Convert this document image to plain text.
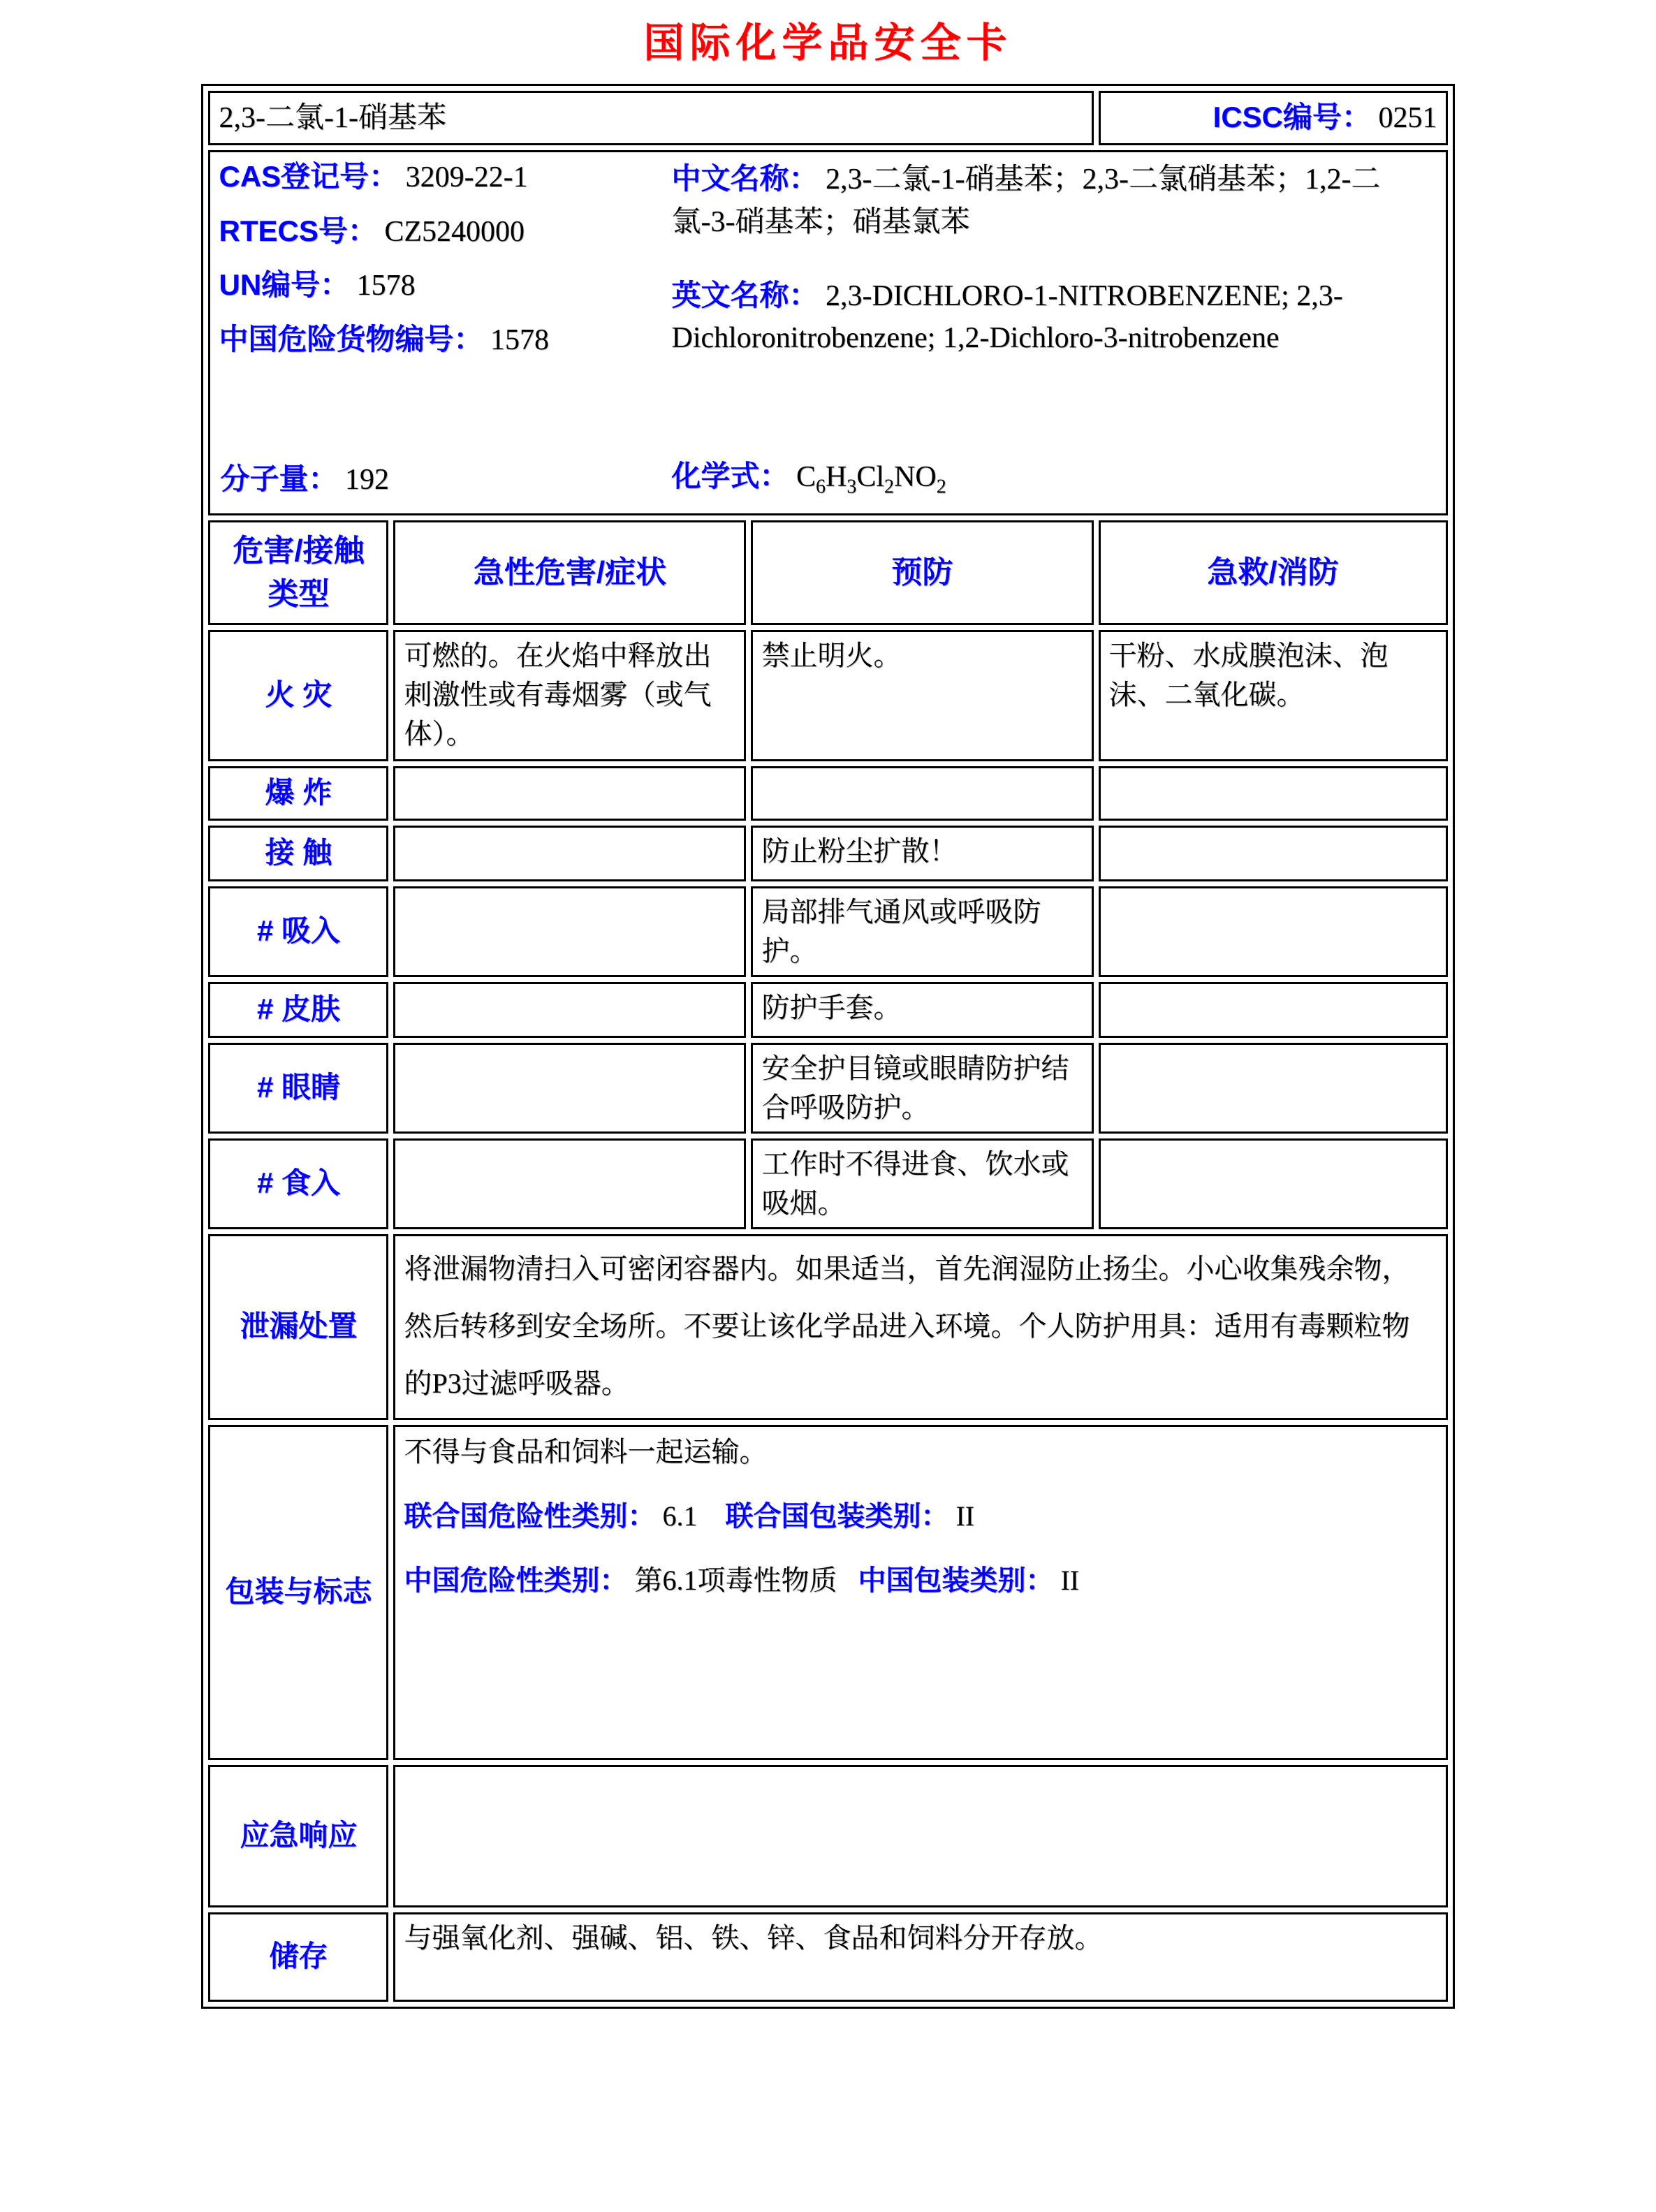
国际化学品安全卡
2,3-二氯-1-硝基苯			ICSC编号： 0251

CAS登记号： 3209-22-1
RTECS号： CZ5240000
UN编号： 1578
中国危险货物编号： 1578
中文名称： 2,3-二氯-1-硝基苯；2,3-二氯硝基苯；1,2-二氯-3-硝基苯；硝基氯苯
英文名称： 2,3-DICHLORO-1-NITROBENZENE; 2,3-Dichloronitrobenzene; 1,2-Dichloro-3-nitrobenzene
分子量： 192	化学式： $C_6H_3Cl_2NO_2$

危害/接触
类型	急性危害/症状	预防	急救/消防
火 灾	可燃的。在火焰中释放出刺激性或有毒烟雾（或气体）。	禁止明火。	干粉、水成膜泡沫、泡沫、二氧化碳。
爆 炸			
接 触		防止粉尘扩散！	
# 吸入		局部排气通风或呼吸防护。	
# 皮肤		防护手套。	
# 眼睛		安全护目镜或眼睛防护结合呼吸防护。	
# 食入		工作时不得进食、饮水或吸烟。	
泄漏处置	将泄漏物清扫入可密闭容器内。如果适当，首先润湿防止扬尘。小心收集残余物，然后转移到安全场所。不要让该化学品进入环境。个人防护用具：适用有毒颗粒物的P3过滤呼吸器。		
包装与标志	不得与食品和饲料一起运输。
联合国危险性类别： 6.1 联合国包装类别： II
中国危险性类别： 第6.1项毒性物质 中国包装类别： II		

应急响应			
储存	与强氧化剂、强碱、铝、铁、锌、食品和饲料分开存放。		
